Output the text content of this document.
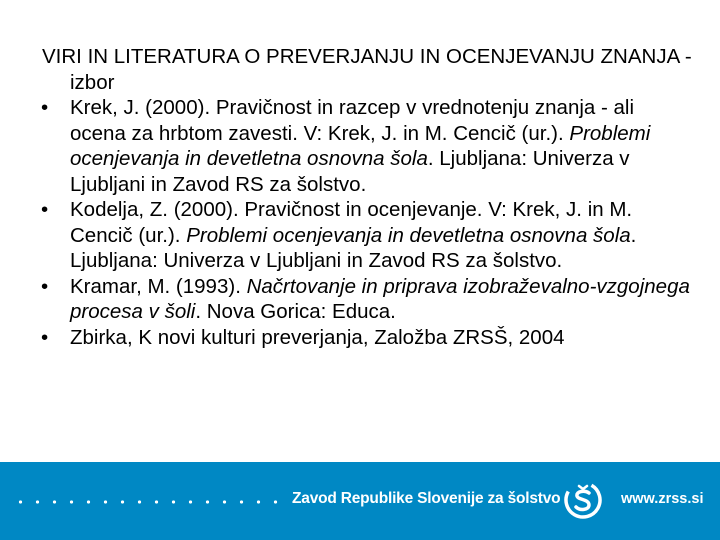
VIRI IN LITERATURA O PREVERJANJU IN OCENJEVANJU ZNANJA - izbor

• Krek, J. (2000). Pravičnost in razcep v vrednotenju znanja - ali ocena za hrbtom zavesti. V: Krek, J. in M. Cencič (ur.). Problemi ocenjevanja in devetletna osnovna šola. Ljubljana: Univerza v Ljubljani in Zavod RS za šolstvo.
• Kodelja, Z. (2000). Pravičnost in ocenjevanje. V: Krek, J. in M. Cencič (ur.). Problemi ocenjevanja in devetletna osnovna šola. Ljubljana: Univerza v Ljubljani in Zavod RS za šolstvo.
• Kramar, M. (1993). Načrtovanje in priprava izobraževalno-vzgojnega procesa v šoli. Nova Gorica: Educa.
• Zbirka, K novi kulturi preverjanja, Založba ZRSŠ, 2004
Zavod Republike Slovenije za šolstvo	www.zrss.si
